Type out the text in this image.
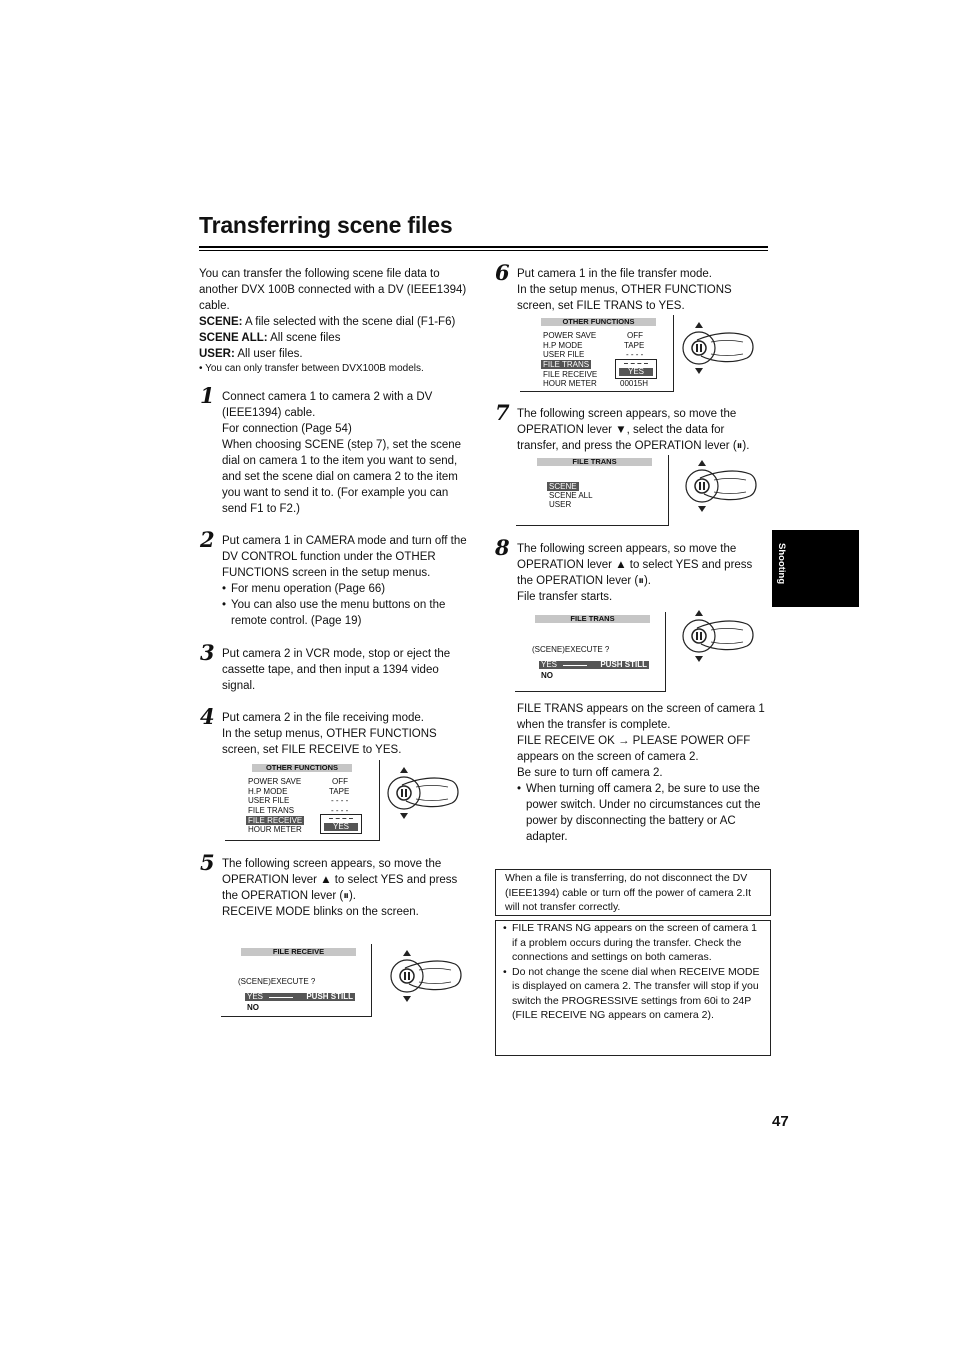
Transferring scene files

You can transfer the following scene file data to another DVX 100B connected with a DV (IEEE1394) cable.

SCENE: A file selected with the scene dial (F1-F6)

SCENE ALL: All scene files

USER: All user files.

• You can only transfer between DVX100B models.

1 Connect camera 1 to camera 2 with a DV (IEEE1394) cable.
For connection (Page 54)
When choosing SCENE (step 7), set the scene dial on camera 1 to the item you want to send, and set the scene dial on camera 2 to the item you want to send it to. (For example you can send F1 to F2.)
2 Put camera 1 in CAMERA mode and turn off the DV CONTROL function under the OTHER FUNCTIONS screen in the setup menus.

• For menu operation (Page 66)

• You can also use the menu buttons on the remote control. (Page 19)

3 Put camera 2 in VCR mode, stop or eject the cassette tape, and then input a 1394 video signal.
4 Put camera 2 in the file receiving mode.
In the setup menus, OTHER FUNCTIONS screen, set FILE RECEIVE to YES.
OTHER FUNCTIONS
POWER SAVE
H.P MODE
USER FILE
FILE TRANS
FILE RECEIVE
HOUR METER
OFF
TAPE
- - - -
- - - -
– – – –
YES
5 The following screen appears, so move the OPERATION lever ▲ to select YES and press the OPERATION lever (⏸).
RECEIVE MODE blinks on the screen.
FILE RECEIVE
(SCENE)EXECUTE ?
YES	PUSH STILL
NO
6 Put camera 1 in the file transfer mode.
In the setup menus, OTHER FUNCTIONS screen, set FILE TRANS to YES.
OTHER FUNCTIONS
POWER SAVE
H.P MODE
USER FILE
FILE TRANS
FILE RECEIVE
HOUR METER
OFF
TAPE
- - - -
– – – –
YES
00015H
7 The following screen appears, so move the OPERATION lever ▼, select the data for transfer, and press the OPERATION lever (⏸).
FILE TRANS
SCENE
SCENE ALL
USER
8 The following screen appears, so move the OPERATION lever ▲ to select YES and press the OPERATION lever (⏸).
File transfer starts.
FILE TRANS
(SCENE)EXECUTE ?
YES	PUSH STILL
NO

FILE TRANS appears on the screen of camera 1 when the transfer is complete.
FILE RECEIVE OK → PLEASE POWER OFF appears on the screen of camera 2.
Be sure to turn off camera 2.

• When turning off camera 2, be sure to use the power switch. Under no circumstances cut the power by disconnecting the battery or AC adapter.

When a file is transferring, do not disconnect the DV (IEEE1394) cable or turn off the power of camera 2.It will not transfer correctly.
• FILE TRANS NG appears on the screen of camera 1 if a problem occurs during the transfer. Check the connections and settings on both cameras.
• Do not change the scene dial when RECEIVE MODE is displayed on camera 2. The transfer will stop if you switch the PROGRESSIVE settings from 60i to 24P (FILE RECEIVE NG appears on camera 2).
Shooting
47
